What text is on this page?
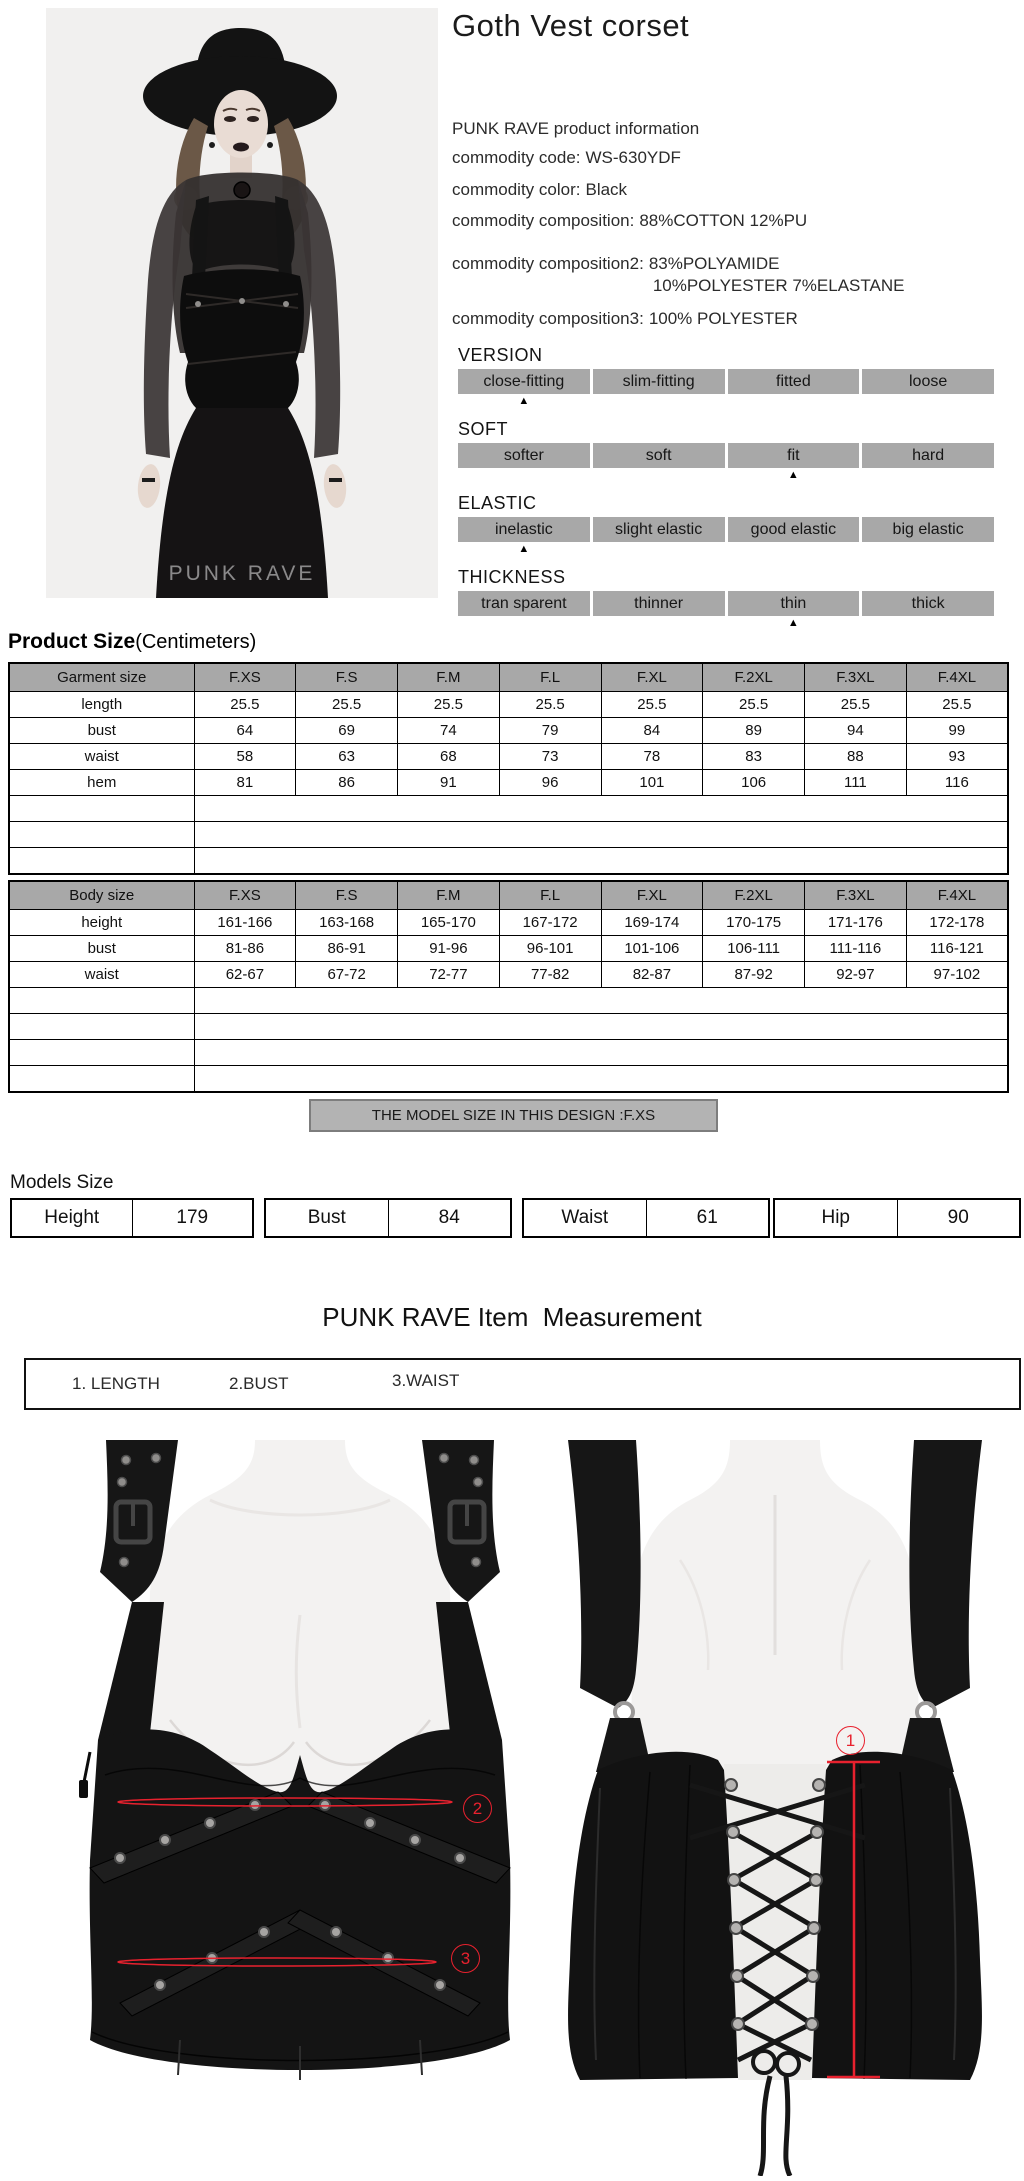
PUNK RAVE
Goth Vest corset
PUNK RAVE product information
commodity code: WS-630YDF
commodity color: Black
commodity composition: 88%COTTON 12%PU
commodity composition2: 83%POLYAMIDE
10%POLYESTER 7%ELASTANE
commodity composition3: 100% POLYESTER
VERSION
close-fitting	slim-fitting	fitted	loose
▲
SOFT
softer	soft	fit	hard
▲
ELASTIC
inelastic	slight elastic	good elastic	big elastic
▲
THICKNESS
tran sparent	thinner	thin	thick
▲
Product Size(Centimeters)
Garment size	F.XS	F.S	F.M	F.L	F.XL	F.2XL	F.3XL	F.4XL
length	25.5	25.5	25.5	25.5	25.5	25.5	25.5	25.5
bust	64	69	74	79	84	89	94	99
waist	58	63	68	73	78	83	88	93
hem	81	86	91	96	101	106	111	116

Body size	F.XS	F.S	F.M	F.L	F.XL	F.2XL	F.3XL	F.4XL
height	161-166	163-168	165-170	167-172	169-174	170-175	171-176	172-178
bust	81-86	86-91	91-96	96-101	101-106	106-111	111-116	116-121
waist	62-67	67-72	72-77	77-82	82-87	87-92	92-97	97-102

THE MODEL SIZE IN THIS DESIGN :F.XS
Models Size
Height	179	Bust	84	Waist	61	Hip	90
PUNK RAVE Item  Measurement
1. LENGTH	2.BUST	3.WAIST
2
3
1
